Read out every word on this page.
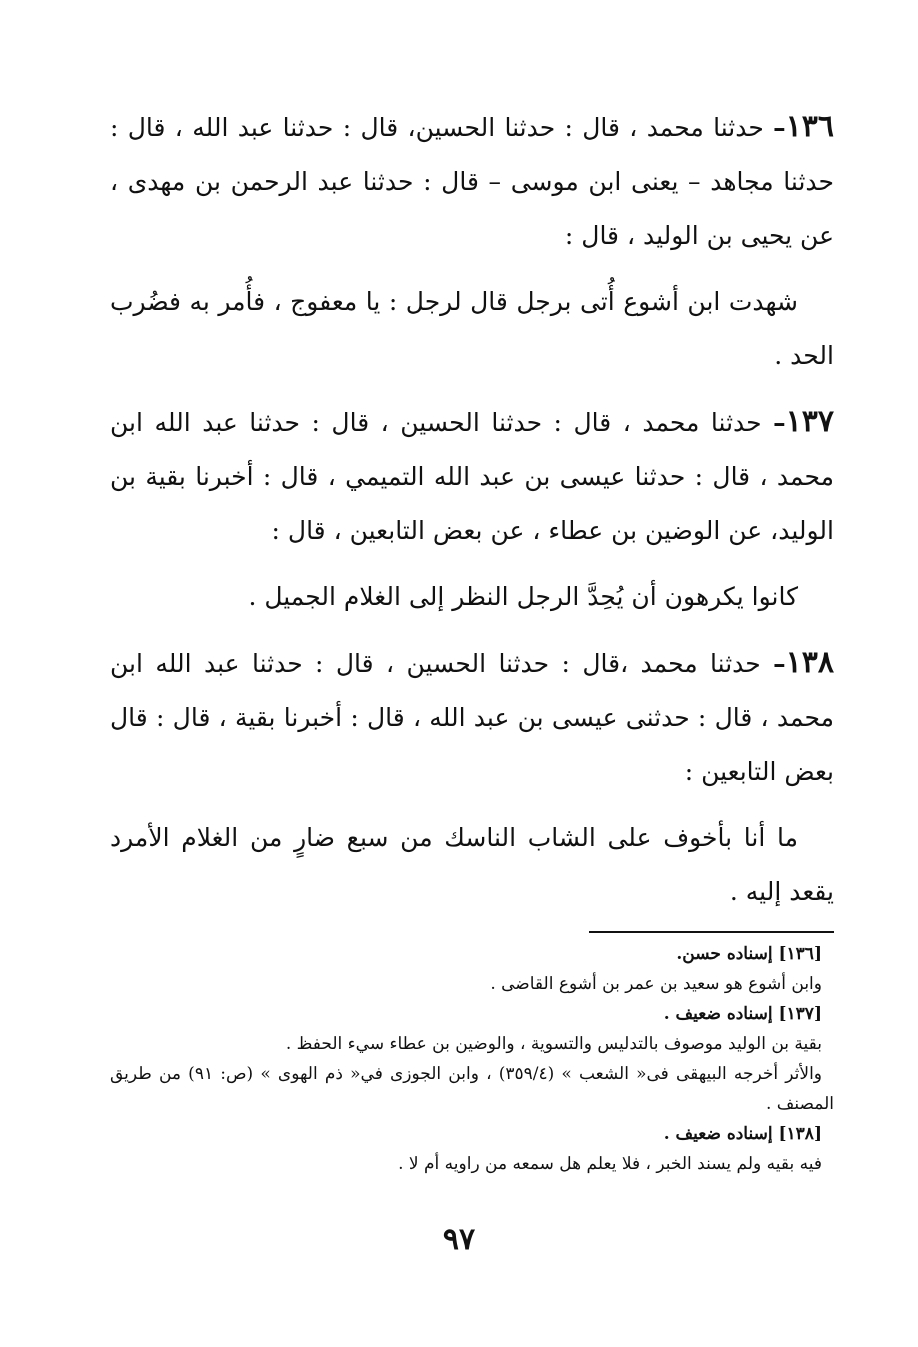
١٣٦– حدثنا محمد ، قال : حدثنا الحسين، قال : حدثنا عبد الله ، قال : حدثنا مجاهد – يعنى ابن موسى – قال : حدثنا عبد الرحمن بن مهدى ، عن يحيى بن الوليد ، قال :

شهدت ابن أشوع أُتى برجل قال لرجل : يا معفوج ، فأُمر به فضُرب الحد .

١٣٧– حدثنا محمد ، قال : حدثنا الحسين ، قال : حدثنا عبد الله ابن محمد ، قال : حدثنا عيسى بن عبد الله التميمي ، قال : أخبرنا بقية بن الوليد، عن الوضين بن عطاء ، عن بعض التابعين ، قال :

كانوا يكرهون أن يُحِدَّ الرجل النظر إلى الغلام الجميل .

١٣٨– حدثنا محمد ،قال : حدثنا الحسين ، قال : حدثنا عبد الله ابن محمد ، قال : حدثنى عيسى بن عبد الله ، قال : أخبرنا بقية ، قال : قال بعض التابعين :

ما أنا بأخوف على الشاب الناسك من سبع ضارٍ من الغلام الأمرد يقعد إليه .

[١٣٦] إسناده حسن.

وابن أشوع هو سعيد بن عمر بن أشوع القاضى .

[١٣٧] إسناده ضعيف .

بقية بن الوليد موصوف بالتدليس والتسوية ، والوضين بن عطاء سيء الحفظ .

والأثر أخرجه البيهقى فى« الشعب » (٣٥٩/٤) ، وابن الجوزى في« ذم الهوى » (ص: ٩١) من طريق المصنف .

[١٣٨] إسناده ضعيف .

فيه بقيه ولم يسند الخبر ، فلا يعلم هل سمعه من راويه أم لا .

٩٧
